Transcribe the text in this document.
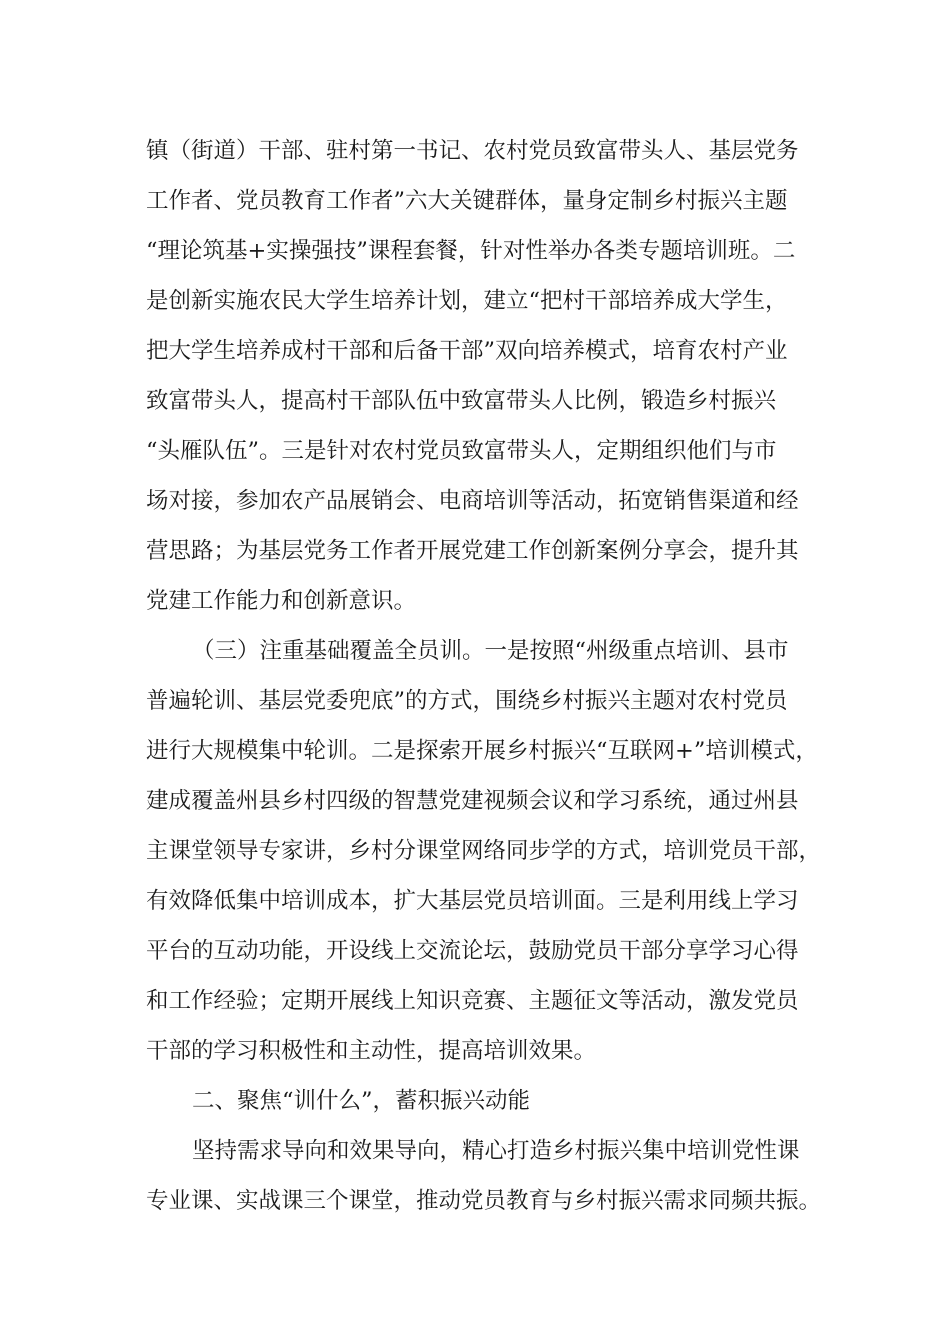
镇（街道）干部、驻村第一书记、农村党员致富带头人、基层党务
工作者、党员教育工作者”六大关键群体，量身定制乡村振兴主题
“理论筑基+实操强技”课程套餐，针对性举办各类专题培训班。二
是创新实施农民大学生培养计划，建立“把村干部培养成大学生，
把大学生培养成村干部和后备干部”双向培养模式，培育农村产业
致富带头人，提高村干部队伍中致富带头人比例，锻造乡村振兴
“头雁队伍”。三是针对农村党员致富带头人，定期组织他们与市
场对接，参加农产品展销会、电商培训等活动，拓宽销售渠道和经
营思路；为基层党务工作者开展党建工作创新案例分享会，提升其
党建工作能力和创新意识。
（三）注重基础覆盖全员训。一是按照“州级重点培训、县市
普遍轮训、基层党委兜底”的方式，围绕乡村振兴主题对农村党员
进行大规模集中轮训。二是探索开展乡村振兴“互联网+”培训模式，
建成覆盖州县乡村四级的智慧党建视频会议和学习系统，通过州县
主课堂领导专家讲，乡村分课堂网络同步学的方式，培训党员干部，
有效降低集中培训成本，扩大基层党员培训面。三是利用线上学习
平台的互动功能，开设线上交流论坛，鼓励党员干部分享学习心得
和工作经验；定期开展线上知识竞赛、主题征文等活动，激发党员
干部的学习积极性和主动性，提高培训效果。
二、聚焦“训什么”，蓄积振兴动能
坚持需求导向和效果导向，精心打造乡村振兴集中培训党性课
专业课、实战课三个课堂，推动党员教育与乡村振兴需求同频共振。
